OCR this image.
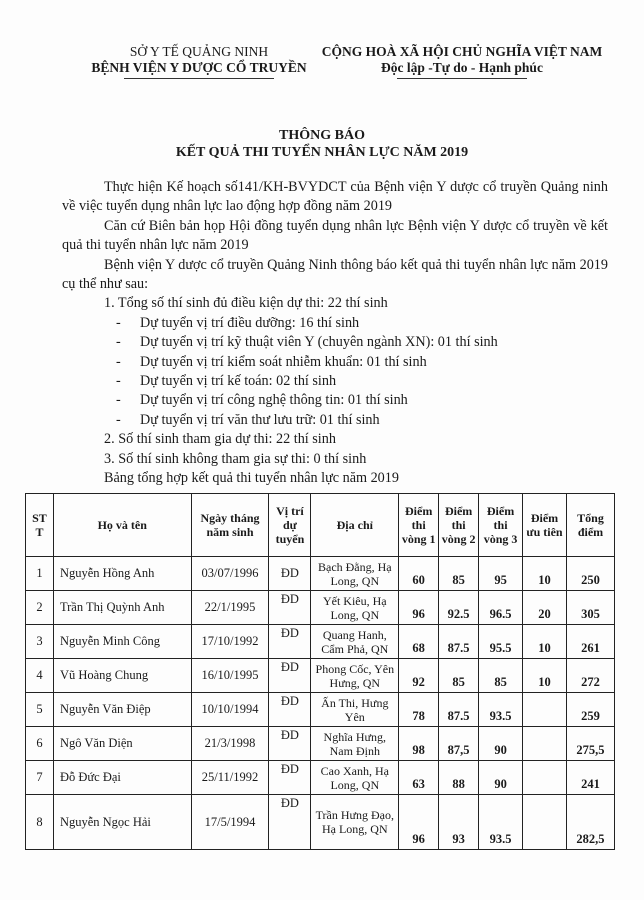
SỞ Y TẾ QUẢNG NINH
BỆNH VIỆN Y DƯỢC CỔ TRUYỀN
CỘNG HOÀ XÃ HỘI CHỦ NGHĨA VIỆT NAM
Độc lập -Tự do - Hạnh phúc
THÔNG BÁO
KẾT QUẢ THI TUYỂN NHÂN LỰC NĂM 2019

Thực hiện Kế hoạch số141/KH-BVYDCT của Bệnh viện Y dược cổ truyền Quảng ninh về việc tuyển dụng nhân lực lao động hợp đồng năm 2019

Căn cứ Biên bản họp Hội đồng tuyển dụng nhân lực Bệnh viện Y dược cổ truyền về kết quả thi tuyển nhân lực năm 2019

Bệnh viện Y dược cổ truyền Quảng Ninh thông báo kết quả thi tuyển nhân lực năm 2019 cụ thể như sau:

1. Tổng số thí sinh đủ điều kiện dự thi: 22 thí sinh

-	Dự tuyển vị trí điều dưỡng: 16 thí sinh
-	Dự tuyển vị trí kỹ thuật viên Y (chuyên ngành XN): 01 thí sinh
-	Dự tuyển vị trí kiểm soát nhiễm khuẩn: 01 thí sinh
-	Dự tuyển vị trí kế toán: 02 thí sinh
-	Dự tuyển vị trí công nghệ thông tin: 01 thí sinh
-	Dự tuyển vị trí văn thư lưu trữ: 01 thí sinh

2. Số thí sinh tham gia dự thi: 22 thí sinh

3. Số thí sinh không tham gia sự thi: 0 thí sinh

Bảng tổng hợp kết quả thi tuyển nhân lực năm 2019

ST T	Họ và tên	Ngày tháng năm sinh	Vị trí dự tuyển	Địa chỉ	Điểm thi vòng 1	Điểm thi vòng 2	Điểm thi vòng 3	Điểm ưu tiên	Tổng điểm
1	Nguyễn Hồng Anh	03/07/1996	ĐD	Bạch Đằng, Hạ Long, QN	60	85	95	10	250
2	Trần Thị Quỳnh Anh	22/1/1995	ĐD	Yết Kiêu, Hạ Long, QN	96	92.5	96.5	20	305
3	Nguyễn Minh Công	17/10/1992	ĐD	Quang Hanh, Cẩm Phả, QN	68	87.5	95.5	10	261
4	Vũ Hoàng Chung	16/10/1995	ĐD	Phong Cốc, Yên Hưng, QN	92	85	85	10	272
5	Nguyễn Văn Điệp	10/10/1994	ĐD	Ấn Thi, Hưng Yên	78	87.5	93.5		259
6	Ngô Văn Diện	21/3/1998	ĐD	Nghĩa Hưng, Nam Định	98	87,5	90		275,5
7	Đỗ Đức Đại	25/11/1992	ĐD	Cao Xanh, Hạ Long, QN	63	88	90		241
8	Nguyễn Ngọc Hải	17/5/1994	ĐD	Trần Hưng Đạo, Hạ Long, QN	96	93	93.5		282,5
